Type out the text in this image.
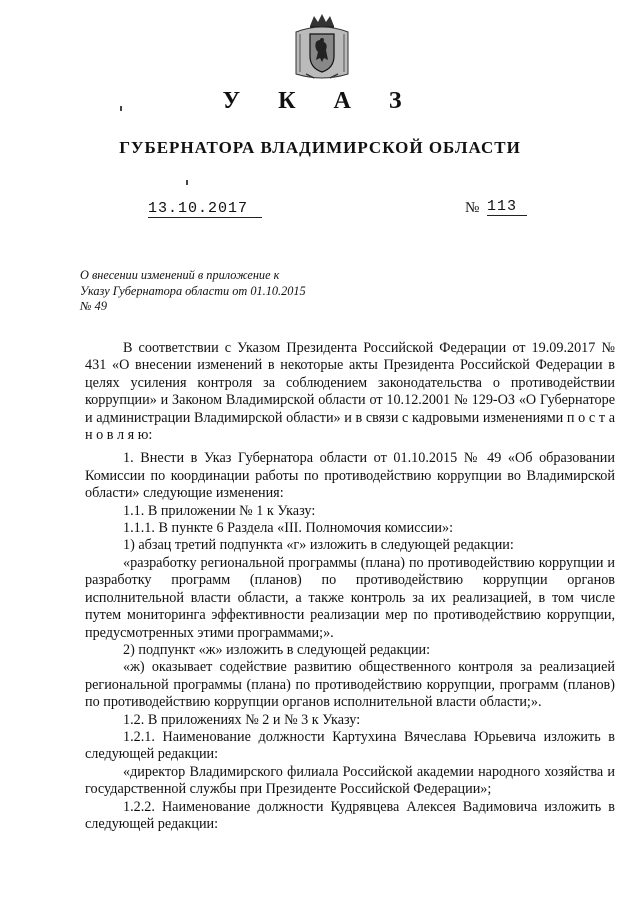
У К А З
ГУБЕРНАТОРА ВЛАДИМИРСКОЙ ОБЛАСТИ
13.10.2017	№ 113
О внесении изменений в приложение к Указу Губернатора области от 01.10.2015 № 49

В соответствии с Указом Президента Российской Федерации от 19.09.2017 № 431 «О внесении изменений в некоторые акты Президента Российской Федерации в целях усиления контроля за соблюдением законодательства о противодействии коррупции» и Законом Владимирской области от 10.12.2001 № 129-ОЗ «О Губернаторе и администрации Владимирской области» и в связи с кадровыми изменениями п о с т а н о в л я ю:

1. Внести в Указ Губернатора области от 01.10.2015 № 49 «Об образовании Комиссии по координации работы по противодействию коррупции во Владимирской области» следующие изменения:

1.1. В приложении № 1 к Указу:

1.1.1. В пункте 6 Раздела «III. Полномочия комиссии»:

1) абзац третий подпункта «г» изложить в следующей редакции:

«разработку региональной программы (плана) по противодействию коррупции и разработку программ (планов) по противодействию коррупции органов исполнительной власти области, а также контроль за их реализацией, в том числе путем мониторинга эффективности реализации мер по противодействию коррупции, предусмотренных этими программами;».

2) подпункт «ж» изложить в следующей редакции:

«ж) оказывает содействие развитию общественного контроля за реализацией региональной программы (плана) по противодействию коррупции, программ (планов) по противодействию коррупции органов исполнительной власти области;».

1.2. В приложениях № 2 и № 3 к Указу:

1.2.1. Наименование должности Картухина Вячеслава Юрьевича изложить в следующей редакции:

«директор Владимирского филиала Российской академии народного хозяйства и государственной службы при Президенте Российской Федерации»;

1.2.2. Наименование должности Кудрявцева Алексея Вадимовича изложить в следующей редакции:
